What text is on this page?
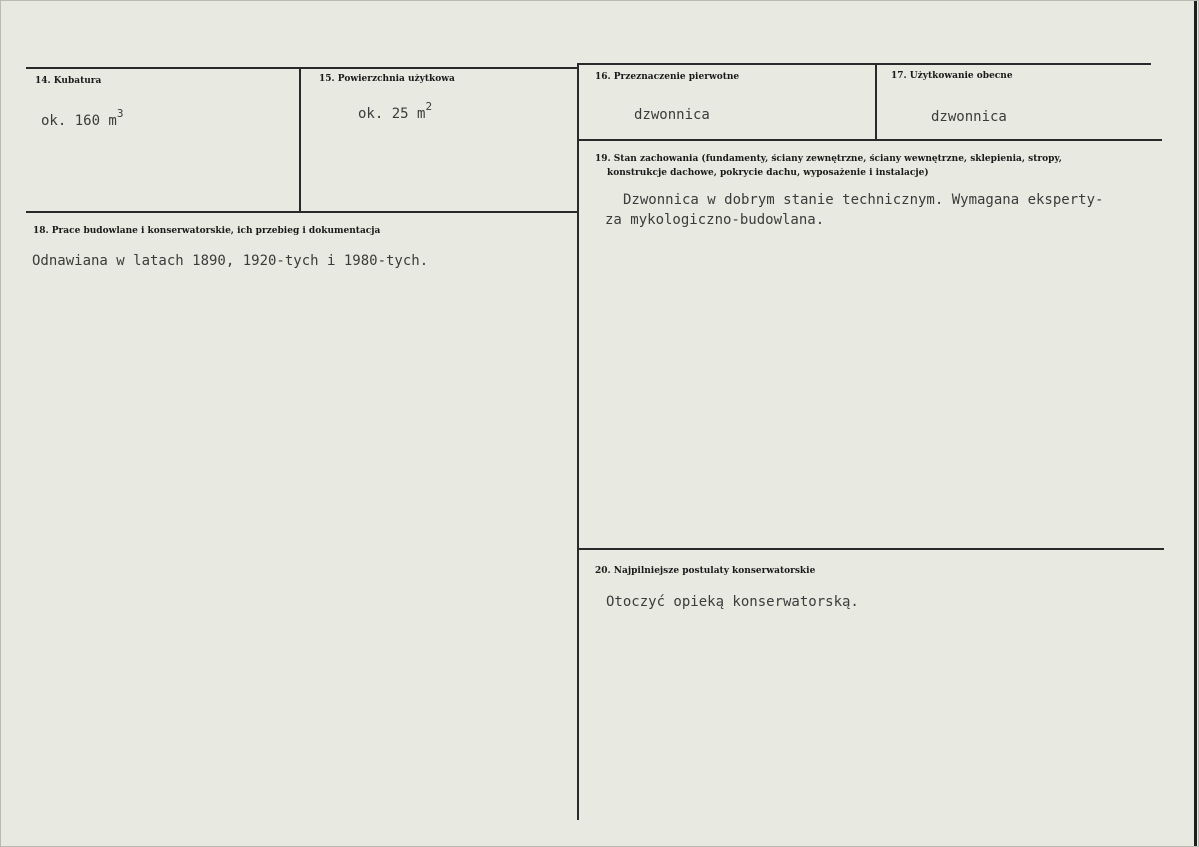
14. Kubatura
ok. 160 $m^3$
15. Powierzchnia użytkowa
ok. 25 $m^2$
16. Przeznaczenie pierwotne
dzwonnica
17. Użytkowanie obecne
dzwonnica
19. Stan zachowania (fundamenty, ściany zewnętrzne, ściany wewnętrzne, sklepienia, stropy,
konstrukcje dachowe, pokrycie dachu, wyposażenie i instalacje)
Dzwonnica w dobrym stanie technicznym. Wymagana eksperty-
za mykologiczno-budowlana.
18. Prace budowlane i konserwatorskie, ich przebieg i dokumentacja
Odnawiana w latach 1890, 1920-tych i 1980-tych.
20. Najpilniejsze postulaty konserwatorskie
Otoczyć opieką konserwatorską.
